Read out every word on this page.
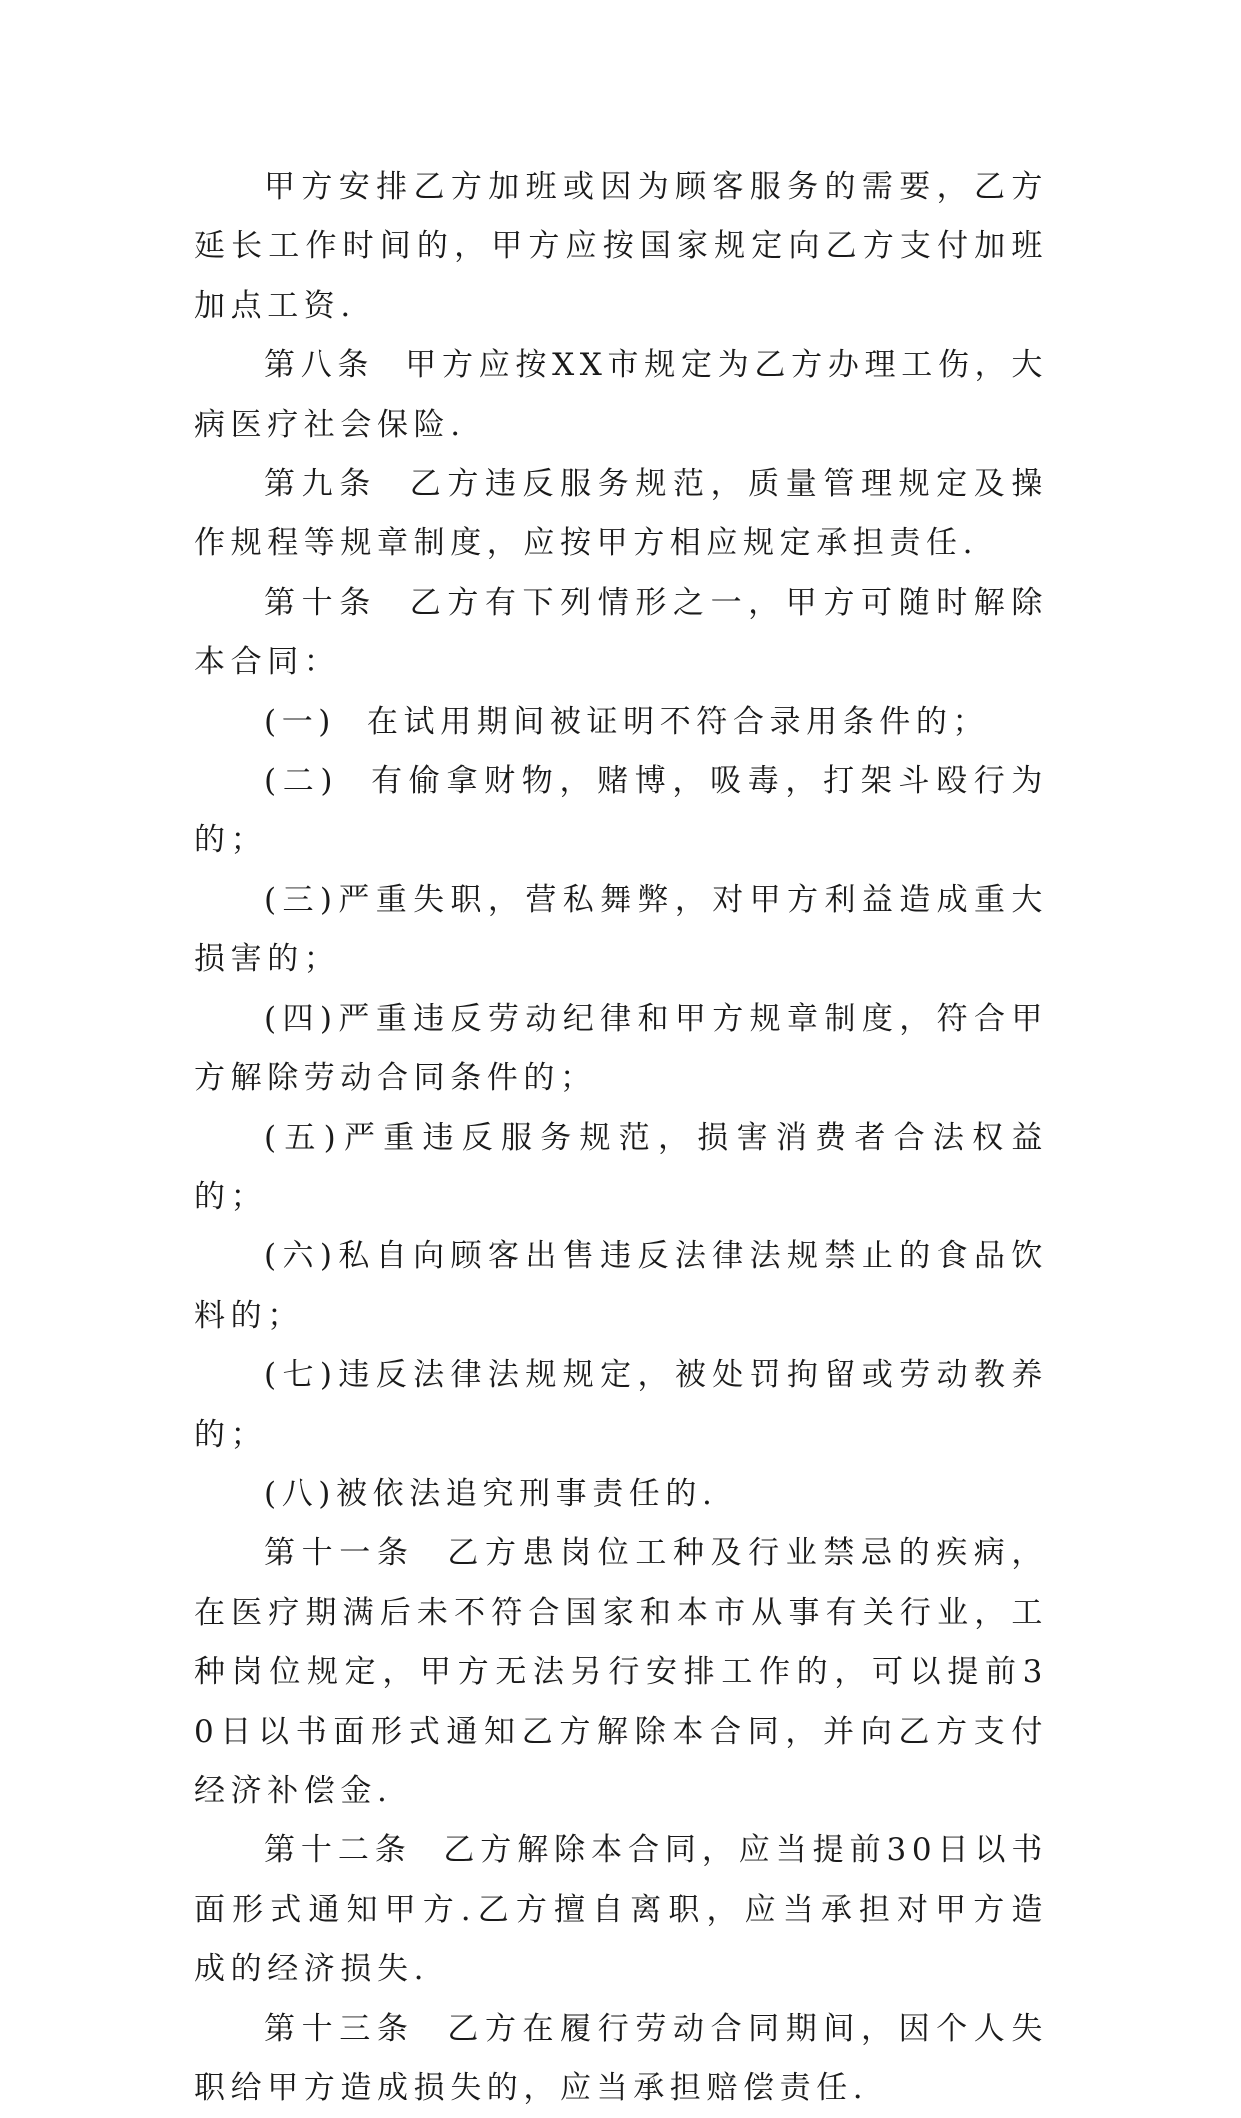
甲方安排乙方加班或因为顾客服务的需要，乙方延长工作时间的，甲方应按国家规定向乙方支付加班加点工资.

第八条  甲方应按XX市规定为乙方办理工伤，大病医疗社会保险.

第九条  乙方违反服务规范，质量管理规定及操作规程等规章制度，应按甲方相应规定承担责任.

第十条  乙方有下列情形之一，甲方可随时解除本合同：

(一)  在试用期间被证明不符合录用条件的；

(二)  有偷拿财物，赌博，吸毒，打架斗殴行为的；

(三)严重失职，营私舞弊，对甲方利益造成重大损害的；

(四)严重违反劳动纪律和甲方规章制度，符合甲方解除劳动合同条件的；

(五)严重违反服务规范，损害消费者合法权益的；

(六)私自向顾客出售违反法律法规禁止的食品饮料的；

(七)违反法律法规规定，被处罚拘留或劳动教养的；

(八)被依法追究刑事责任的.

第十一条  乙方患岗位工种及行业禁忌的疾病，在医疗期满后未不符合国家和本市从事有关行业，工种岗位规定，甲方无法另行安排工作的，可以提前30日以书面形式通知乙方解除本合同，并向乙方支付经济补偿金.

第十二条  乙方解除本合同，应当提前30日以书面形式通知甲方.乙方擅自离职，应当承担对甲方造成的经济损失.

第十三条  乙方在履行劳动合同期间，因个人失职给甲方造成损失的，应当承担赔偿责任.
